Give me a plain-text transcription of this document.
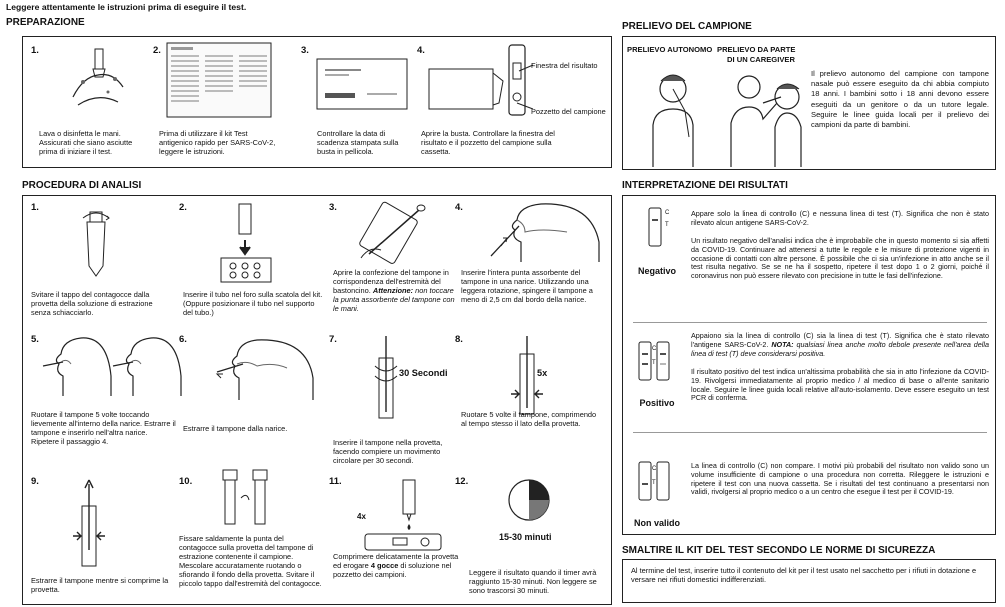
Leggere attentamente le istruzioni prima di eseguire il test.
PREPARAZIONE
1.
Lava o disinfetta le mani. Assicurati che siano asciutte prima di iniziare il test.
2.
Prima di utilizzare il kit Test antigenico rapido per SARS-CoV-2, leggere le istruzioni.
3.
Controllare la data di scadenza stampata sulla busta in pellicola.
4.
Finestra del risultato
Pozzetto del campione
Aprire la busta. Controllare la finestra del risultato e il pozzetto del campione sulla cassetta.
PRELIEVO DEL CAMPIONE
PRELIEVO AUTONOMO PRELIEVO DA PARTE
DI UN CAREGIVER
Il prelievo autonomo del campione con tampone nasale può essere eseguito da chi abbia compiuto 18 anni. I bambini sotto i 18 anni devono essere eseguiti da un genitore o da un tutore legale. Seguire le linee guida locali per il prelievo dei campioni da parte di bambini.
PROCEDURA DI ANALISI
1.
Svitare il tappo del contagocce dalla provetta della soluzione di estrazione senza schiacciarlo.
2.
Inserire il tubo nel foro sulla scatola del kit. (Oppure posizionare il tubo nel supporto del tubo.)
3.
Aprire la confezione del tampone in corrispondenza dell'estremità del bastoncino. Attenzione: non toccare la punta assorbente del tampone con le mani.
4.
Inserire l'intera punta assorbente del tampone in una narice. Utilizzando una leggera rotazione, spingere il tampone a meno di 2,5 cm dal bordo della narice.
5.
Ruotare il tampone 5 volte toccando lievemente all'interno della narice. Estrarre il tampone e inserirlo nell'altra narice. Ripetere il passaggio 4.
6.
Estrarre il tampone dalla narice.
7.
30 Secondi
Inserire il tampone nella provetta, facendo compiere un movimento circolare per 30 secondi.
8.
5x
Ruotare 5 volte il tampone, comprimendo al tempo stesso il lato della provetta.
9.
Estrarre il tampone mentre si comprime la provetta.
10.
Fissare saldamente la punta del contagocce sulla provetta del tampone di estrazione contenente il campione. Mescolare accuratamente ruotando o sfiorando il fondo della provetta. Svitare il piccolo tappo dall'estremità del contagocce.
11.
4x
Comprimere delicatamente la provetta ed erogare 4 gocce di soluzione nel pozzetto dei campioni.
12.
15-30 minuti
Leggere il risultato quando il timer avrà raggiunto 15-30 minuti. Non leggere se sono trascorsi 30 minuti.
INTERPRETAZIONE DEI RISULTATI
C
T
Negativo
Appare solo la linea di controllo (C) e nessuna linea di test (T). Significa che non è stato rilevato alcun antigene SARS-CoV-2.
Un risultato negativo dell'analisi indica che è improbabile che in questo momento si sia affetti da COVID-19. Continuare ad attenersi a tutte le regole e le misure di protezione vigenti in occasione di contatti con altre persone. È possibile che ci sia un'infezione in atto anche se il test risulta negativo. Se se ne ha il sospetto, ripetere il test dopo 1 o 2 giorni, poiché il coronavirus non può essere rilevato con precisione in tutte le fasi dell'infezione.
C
T
Positivo
Appaiono sia la linea di controllo (C) sia la linea di test (T). Significa che è stato rilevato l'antigene SARS-CoV-2. NOTA: qualsiasi linea anche molto debole presente nell'area della linea di test (T) deve considerarsi positiva.
Il risultato positivo del test indica un'altissima probabilità che sia in atto l'infezione da COVID-19. Rivolgersi immediatamente al proprio medico / al medico di base o all'ente sanitario locale. Seguire le linee guida locali relative all'auto-isolamento. Deve essere eseguito un test PCR di conferma.
C
T
Non valido
La linea di controllo (C) non compare. I motivi più probabili del risultato non valido sono un volume insufficiente di campione o una procedura non corretta. Rileggere le istruzioni e ripetere il test con una nuova cassetta. Se i risultati del test continuano a presentarsi non validi, rivolgersi al proprio medico o a un centro che esegue il test per il COVID-19.
SMALTIRE IL KIT DEL TEST SECONDO LE NORME DI SICUREZZA
Al termine del test, inserire tutto il contenuto del kit per il test usato nel sacchetto per i rifiuti in dotazione e versare nei rifiuti domestici indifferenziati.
